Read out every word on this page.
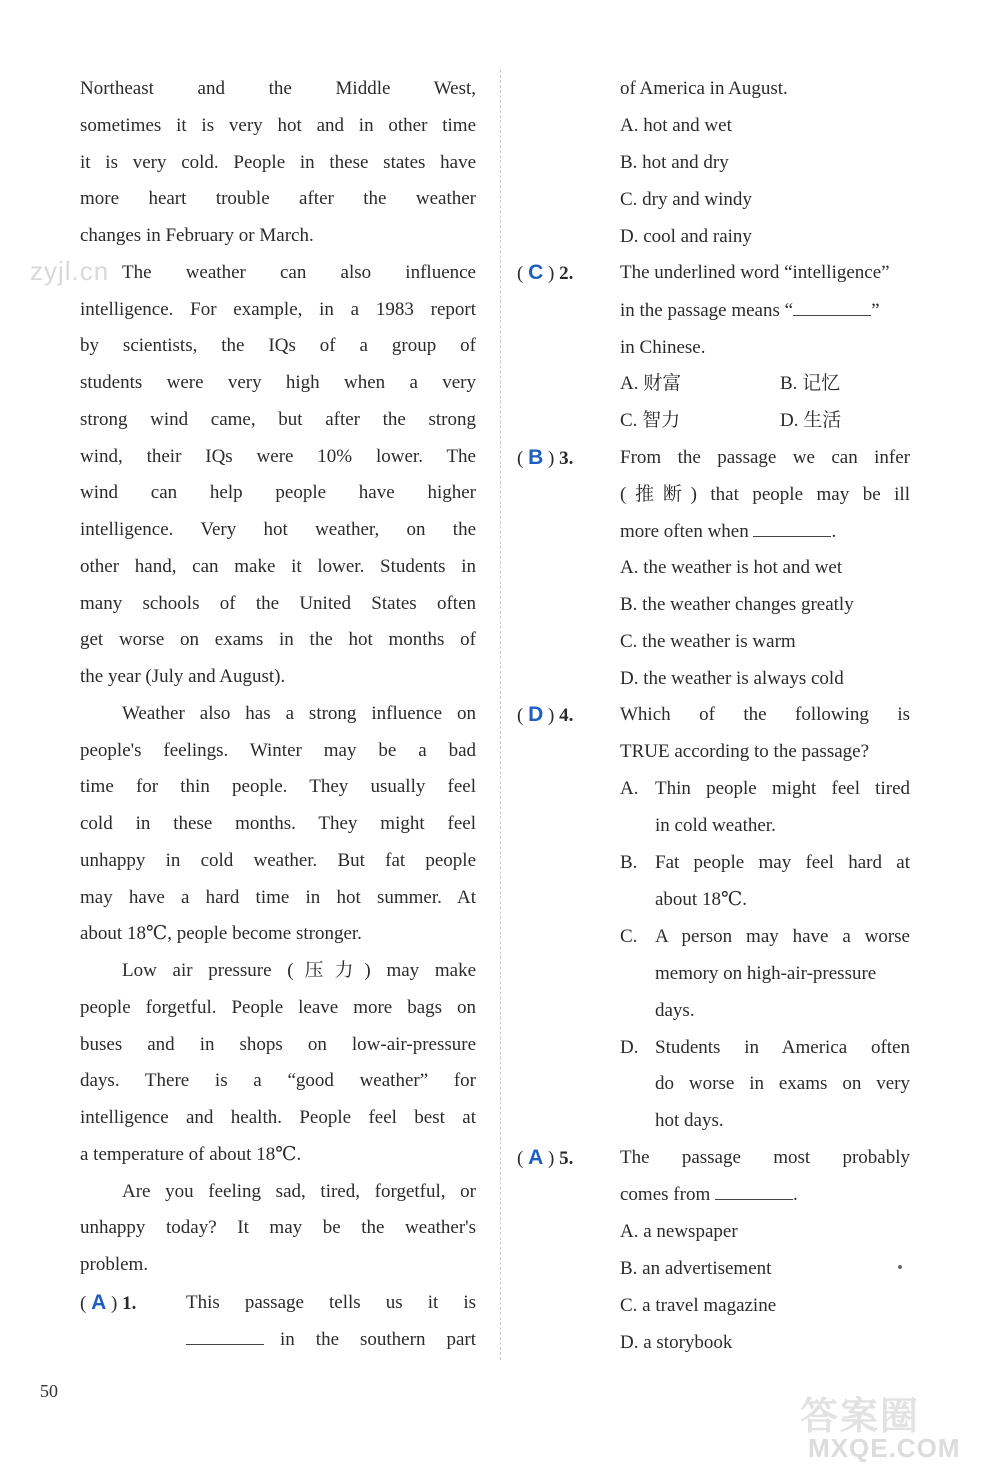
zyjl.cn
Northeast and the Middle West,
sometimes it is very hot and in other time
it is very cold. People in these states have
more heart trouble after the weather
changes in February or March.
The weather can also influence
intelligence. For example, in a 1983 report
by scientists, the IQs of a group of
students were very high when a very
strong wind came, but after the strong
wind, their IQs were 10% lower. The
wind can help people have higher
intelligence. Very hot weather, on the
other hand, can make it lower. Students in
many schools of the United States often
get worse on exams in the hot months of
the year (July and August).
Weather also has a strong influence on
people's feelings. Winter may be a bad
time for thin people. They usually feel
cold in these months. They might feel
unhappy in cold weather. But fat people
may have a hard time in hot summer. At
about 18℃, people become stronger.
Low air pressure (压力) may make
people forgetful. People leave more bags on
buses and in shops on low-air-pressure
days. There is a “good weather” for
intelligence and health. People feel best at
a temperature of about 18℃.
Are you feeling sad, tired, forgetful, or
unhappy today? It may be the weather's
problem.
( A ) 1.	This passage tells us it is

in the southern part
of America in August.
A. hot and wet
B. hot and dry
C. dry and windy
D. cool and rainy
( C ) 2. The underlined word “intelligence”
in the passage means “	”
in Chinese.
A. 财富	B. 记忆
C. 智力	D. 生活
( B ) 3. From the passage we can infer
(推断) that people may be ill
more often when	.
A. the weather is hot and wet
B. the weather changes greatly
C. the weather is warm
D. the weather is always cold
( D ) 4. Which of the following is
TRUE according to the passage?
A. Thin people might feel tired
in cold weather.
B. Fat people may feel hard at
about 18℃.
C. A person may have a worse
memory on high-air-pressure
days.
D. Students in America often
do worse in exams on very
hot days.
( A ) 5. The passage most probably
comes from	.
A. a newspaper
B. an advertisement
C. a travel magazine
D. a storybook
50
答案圈
MXQE.COM
